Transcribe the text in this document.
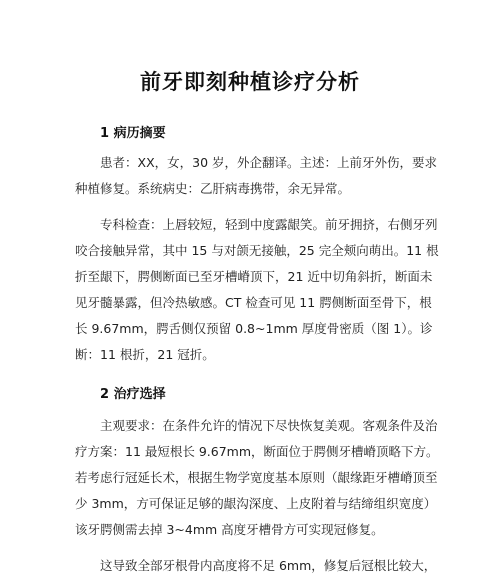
前牙即刻种植诊疗分析
1 病历摘要

患者：XX，女，30 岁，外企翻译。主述：上前牙外伤，要求
种植修复。系统病史：乙肝病毒携带，余无异常。

专科检查：上唇较短，轻到中度露龈笑。前牙拥挤，右侧牙列
咬合接触异常，其中 15 与对颌无接触，25 完全颊向萌出。11 根
折至龈下，腭侧断面已至牙槽嵴顶下，21 近中切角斜折，断面未
见牙髓暴露，但冷热敏感。CT 检查可见 11 腭侧断面至骨下，根
长 9.67mm，腭舌侧仅预留 0.8~1mm 厚度骨密质（图 1）。诊
断：11 根折，21 冠折。

2 治疗选择

主观要求：在条件允许的情况下尽快恢复美观。客观条件及治
疗方案：11 最短根长 9.67mm，断面位于腭侧牙槽嵴顶略下方。
若考虑行冠延长术，根据生物学宽度基本原则（龈缘距牙槽嵴顶至
少 3mm，方可保证足够的龈沟深度、上皮附着与结缔组织宽度）
该牙腭侧需去掉 3~4mm 高度牙槽骨方可实现冠修复。

这导致全部牙根骨内高度将不足 6mm，修复后冠根比较大，
